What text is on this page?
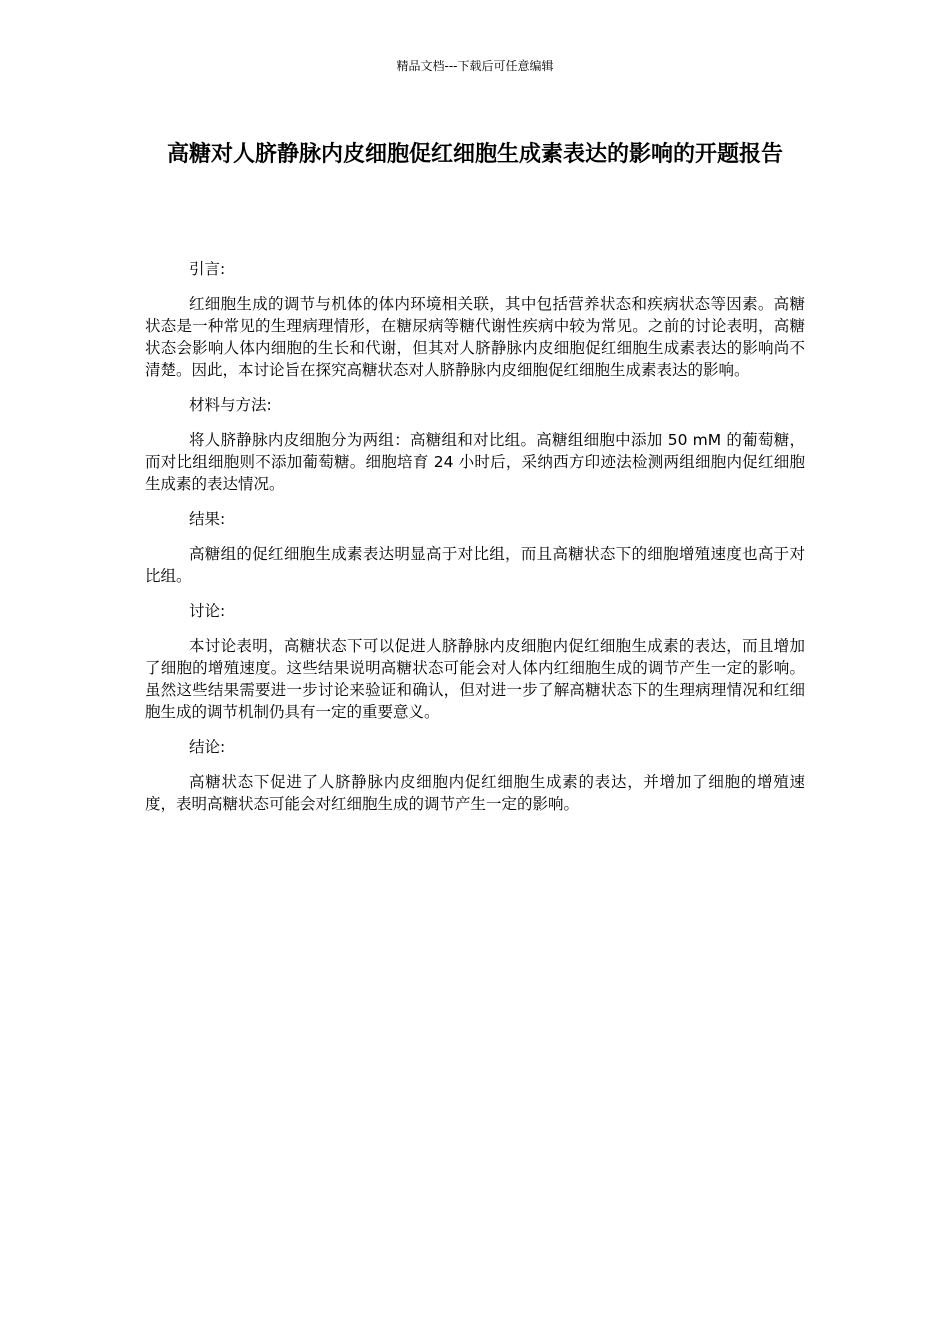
精品文档---下载后可任意编辑
高糖对人脐静脉内皮细胞促红细胞生成素表达的影响的开题报告

引言:

红细胞生成的调节与机体的体内环境相关联，其中包括营养状态和疾病状态等因素。高糖状态是一种常见的生理病理情形，在糖尿病等糖代谢性疾病中较为常见。之前的讨论表明，高糖状态会影响人体内细胞的生长和代谢，但其对人脐静脉内皮细胞促红细胞生成素表达的影响尚不清楚。因此，本讨论旨在探究高糖状态对人脐静脉内皮细胞促红细胞生成素表达的影响。

材料与方法:

将人脐静脉内皮细胞分为两组：高糖组和对比组。高糖组细胞中添加 50 mM 的葡萄糖，而对比组细胞则不添加葡萄糖。细胞培育 24 小时后，采纳西方印迹法检测两组细胞内促红细胞生成素的表达情况。

结果:

高糖组的促红细胞生成素表达明显高于对比组，而且高糖状态下的细胞增殖速度也高于对比组。

讨论:

本讨论表明，高糖状态下可以促进人脐静脉内皮细胞内促红细胞生成素的表达，而且增加了细胞的增殖速度。这些结果说明高糖状态可能会对人体内红细胞生成的调节产生一定的影响。虽然这些结果需要进一步讨论来验证和确认，但对进一步了解高糖状态下的生理病理情况和红细胞生成的调节机制仍具有一定的重要意义。

结论:

高糖状态下促进了人脐静脉内皮细胞内促红细胞生成素的表达，并增加了细胞的增殖速度，表明高糖状态可能会对红细胞生成的调节产生一定的影响。
